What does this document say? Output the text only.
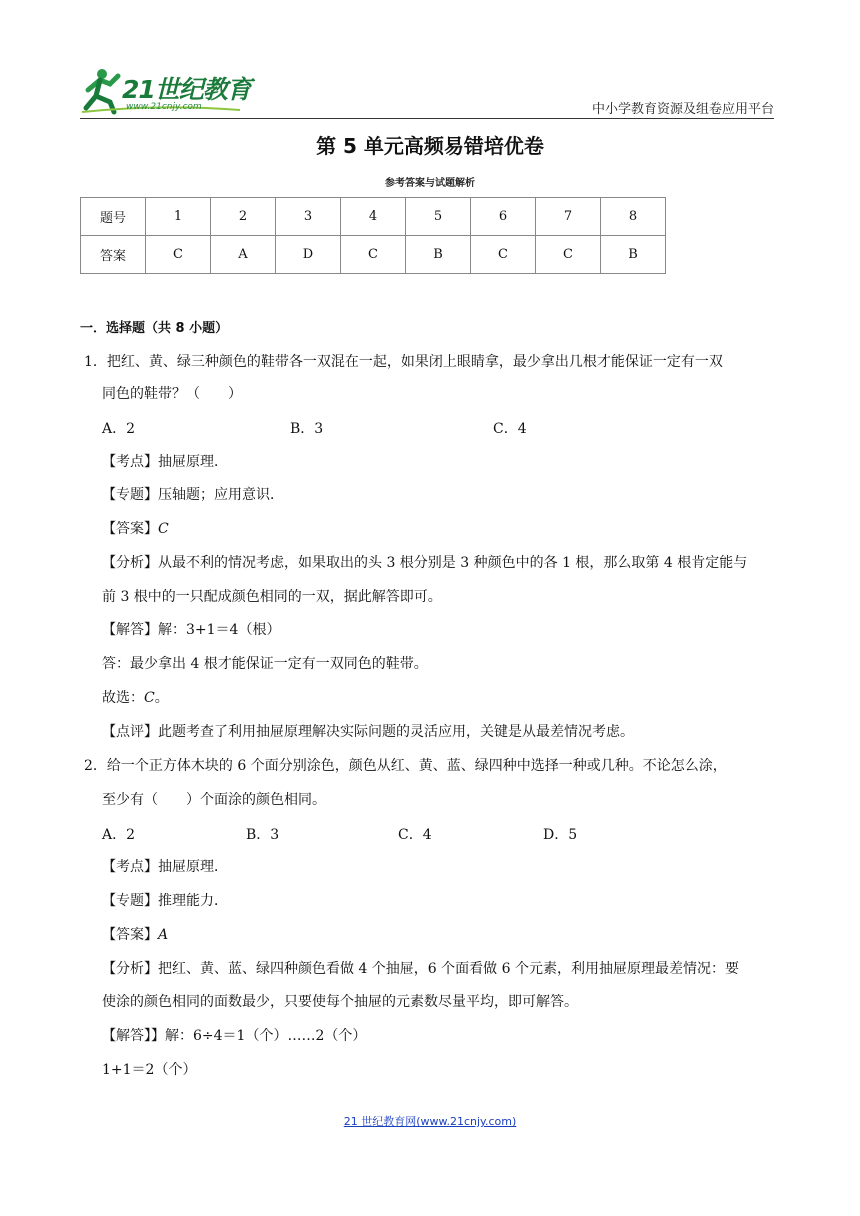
21世纪教育
www.21cnjy.com	中小学教育资源及组卷应用平台
第 5 单元高频易错培优卷
参考答案与试题解析
题号	1	2	3	4	5	6	7	8
答案	C	A	D	C	B	C	C	B
一．选择题（共 8 小题）
1．把红、黄、绿三种颜色的鞋带各一双混在一起，如果闭上眼睛拿，最少拿出几根才能保证一定有一双
同色的鞋带？（　　）
A．2	B．3	C．4
【考点】抽屉原理．
【专题】压轴题；应用意识．
【答案】C
【分析】从最不利的情况考虑，如果取出的头 3 根分别是 3 种颜色中的各 1 根，那么取第 4 根肯定能与
前 3 根中的一只配成颜色相同的一双，据此解答即可。
【解答】解：3+1＝4（根）
答：最少拿出 4 根才能保证一定有一双同色的鞋带。
故选：C。
【点评】此题考查了利用抽屉原理解决实际问题的灵活应用，关键是从最差情况考虑。
2．给一个正方体木块的 6 个面分别涂色，颜色从红、黄、蓝、绿四种中选择一种或几种。不论怎么涂，
至少有（　　）个面涂的颜色相同。
A．2	B．3	C．4	D．5
【考点】抽屉原理．
【专题】推理能力．
【答案】A
【分析】把红、黄、蓝、绿四种颜色看做 4 个抽屉，6 个面看做 6 个元素，利用抽屉原理最差情况：要
使涂的颜色相同的面数最少，只要使每个抽屉的元素数尽量平均，即可解答。
【解答】】解：6÷4＝1（个）……2（个）
1+1＝2（个）
21 世纪教育网(www.21cnjy.com)
